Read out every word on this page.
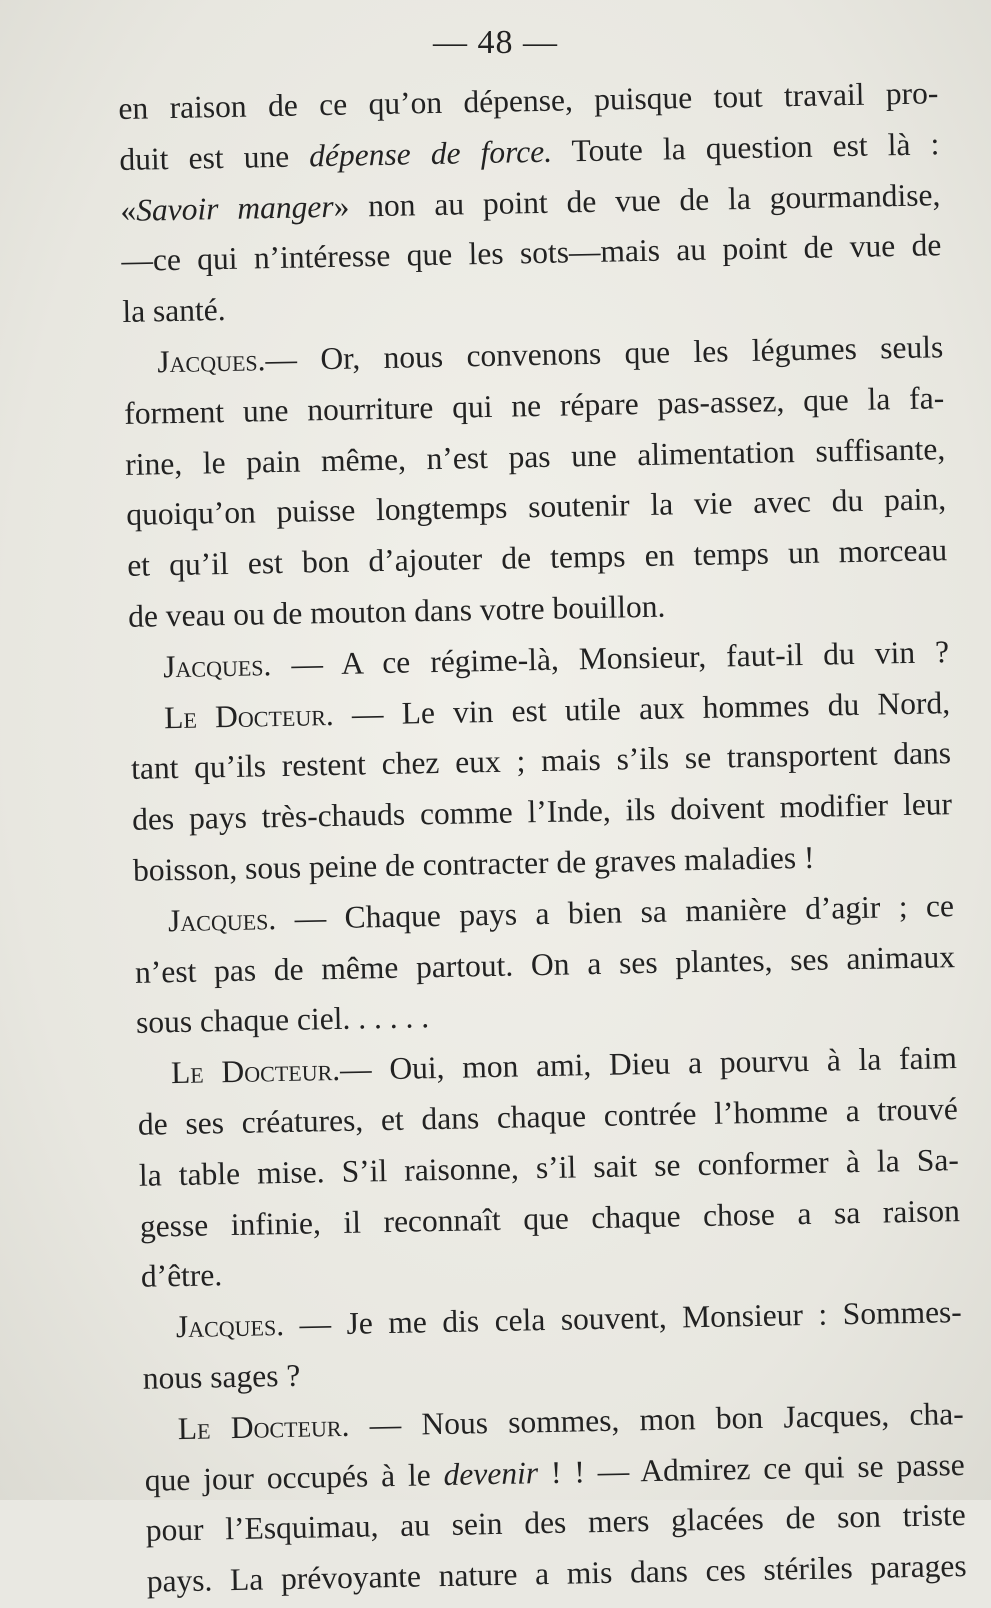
— 48 —
en raison de ce qu’on dépense, puisque tout travail pro-
duit est une dépense de force. Toute la question est là :
«Savoir manger» non au point de vue de la gourmandise,
—ce qui n’intéresse que les sots—mais au point de vue de
la santé.
Jacques.— Or, nous convenons que les légumes seuls
forment une nourriture qui ne répare pas-assez, que la fa-
rine, le pain même, n’est pas une alimentation suffisante,
quoiqu’on puisse longtemps soutenir la vie avec du pain,
et qu’il est bon d’ajouter de temps en temps un morceau
de veau ou de mouton dans votre bouillon.
Jacques. — A ce régime-là, Monsieur, faut-il du vin ?
Le Docteur. — Le vin est utile aux hommes du Nord,
tant qu’ils restent chez eux ; mais s’ils se transportent dans
des pays très-chauds comme l’Inde, ils doivent modifier leur
boisson, sous peine de contracter de graves maladies !
Jacques. — Chaque pays a bien sa manière d’agir ; ce
n’est pas de même partout. On a ses plantes, ses animaux
sous chaque ciel. . . . . .
Le Docteur.— Oui, mon ami, Dieu a pourvu à la faim
de ses créatures, et dans chaque contrée l’homme a trouvé
la table mise. S’il raisonne, s’il sait se conformer à la Sa-
gesse infinie, il reconnaît que chaque chose a sa raison
d’être.
Jacques. — Je me dis cela souvent, Monsieur : Sommes-
nous sages ?
Le Docteur. — Nous sommes, mon bon Jacques, cha-
que jour occupés à le devenir ! ! — Admirez ce qui se passe
pour l’Esquimau, au sein des mers glacées de son triste
pays. La prévoyante nature a mis dans ces stériles parages
